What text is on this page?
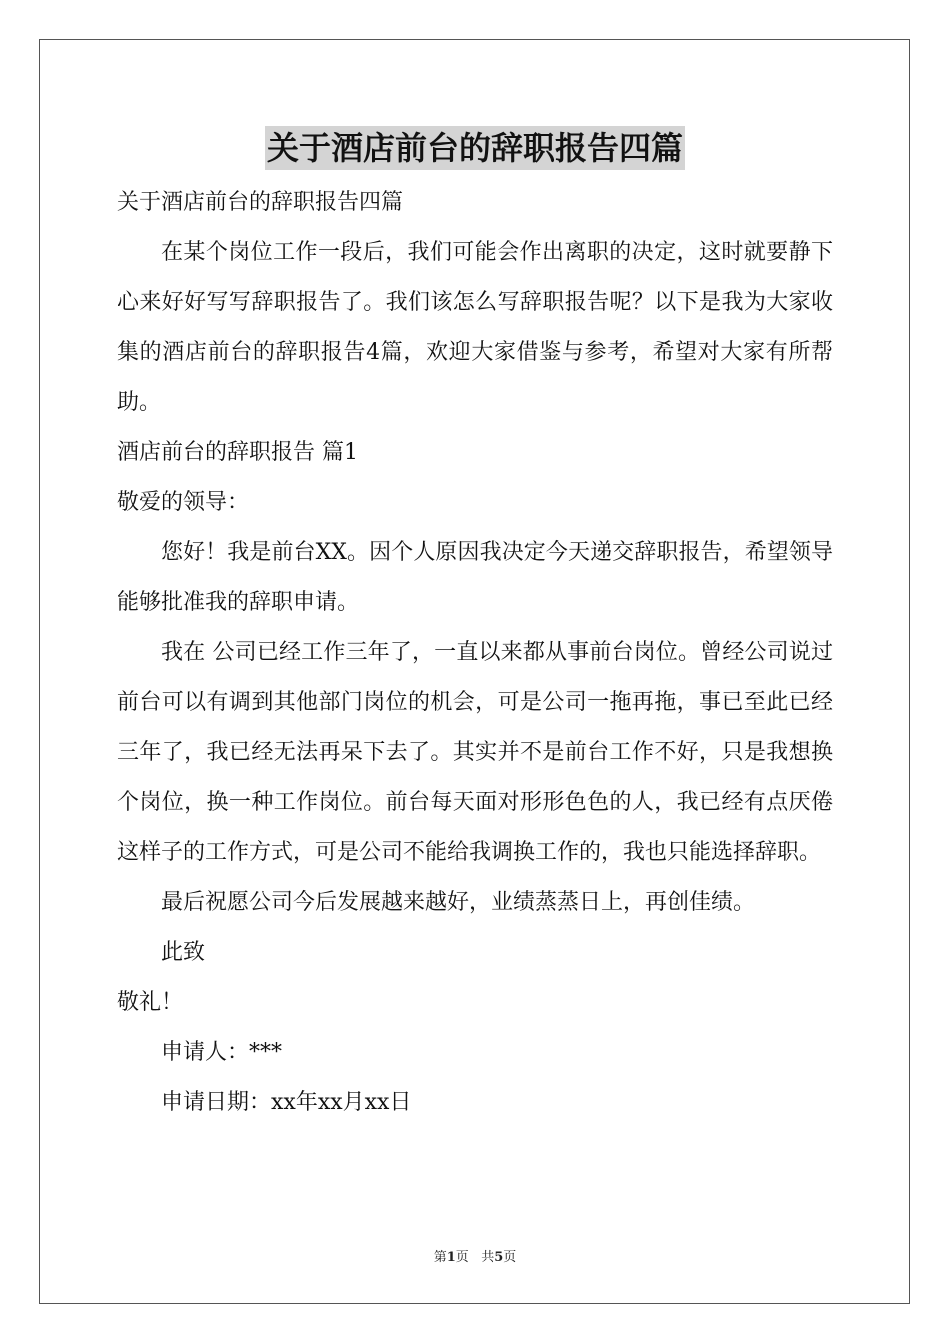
关于酒店前台的辞职报告四篇

关于酒店前台的辞职报告四篇

在某个岗位工作一段后，我们可能会作出离职的决定，这时就要静下心来好好写写辞职报告了。我们该怎么写辞职报告呢？以下是我为大家收集的酒店前台的辞职报告4篇，欢迎大家借鉴与参考，希望对大家有所帮助。

酒店前台的辞职报告 篇1

敬爱的领导：

您好！我是前台XX。因个人原因我决定今天递交辞职报告，希望领导能够批准我的辞职申请。

我在 公司已经工作三年了，一直以来都从事前台岗位。曾经公司说过前台可以有调到其他部门岗位的机会，可是公司一拖再拖，事已至此已经三年了，我已经无法再呆下去了。其实并不是前台工作不好，只是我想换个岗位，换一种工作岗位。前台每天面对形形色色的人，我已经有点厌倦这样子的工作方式，可是公司不能给我调换工作的，我也只能选择辞职。

最后祝愿公司今后发展越来越好，业绩蒸蒸日上，再创佳绩。

此致

敬礼！

申请人：***

申请日期：xx年xx月xx日

第1页 共5页
